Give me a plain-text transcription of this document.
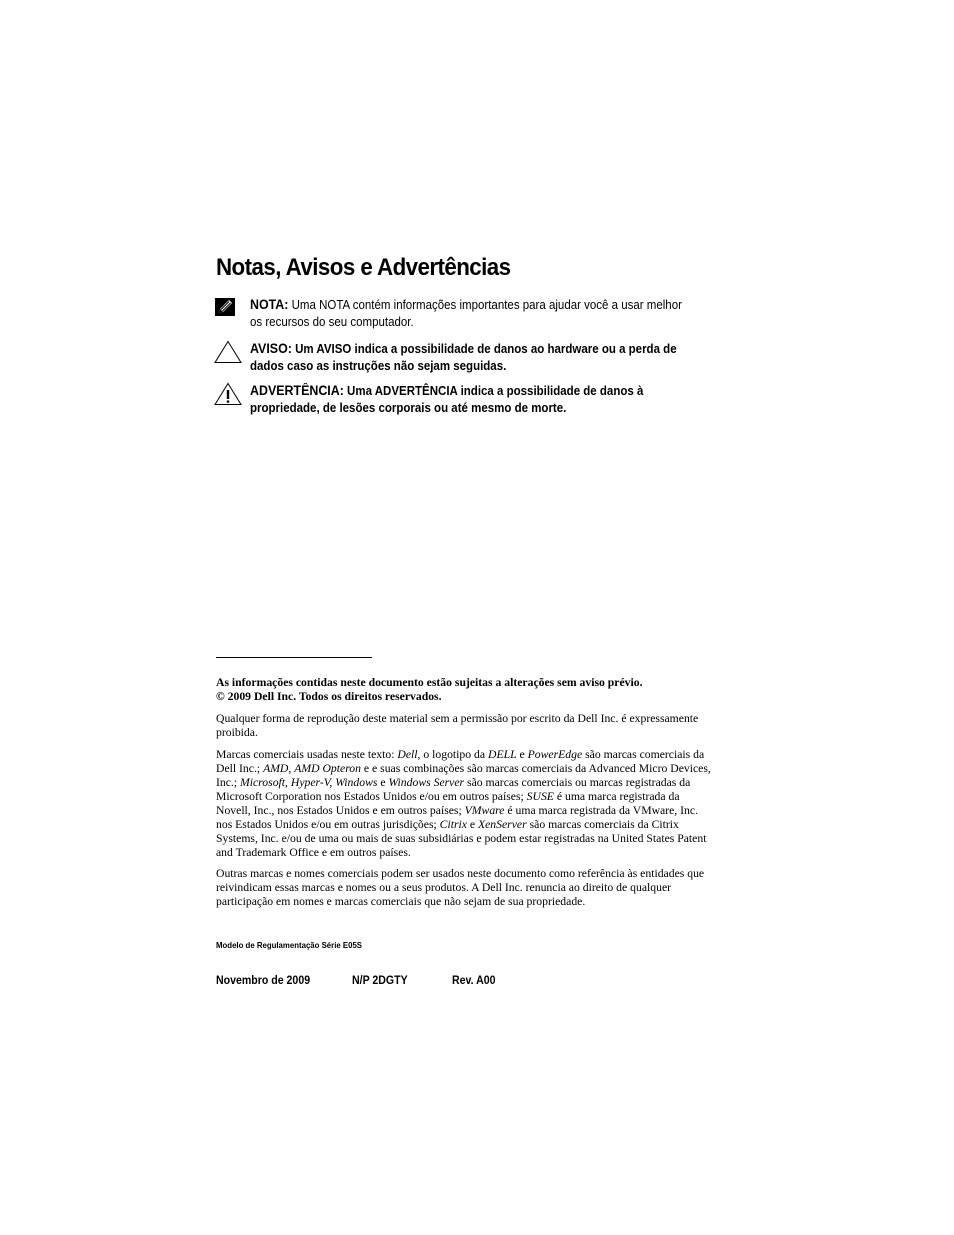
Notas, Avisos e Advertências
NOTA: Uma NOTA contém informações importantes para ajudar você a usar melhor os recursos do seu computador.
AVISO: Um AVISO indica a possibilidade de danos ao hardware ou a perda de dados caso as instruções não sejam seguidas.
ADVERTÊNCIA: Uma ADVERTÊNCIA indica a possibilidade de danos à propriedade, de lesões corporais ou até mesmo de morte.

As informações contidas neste documento estão sujeitas a alterações sem aviso prévio.

© 2009 Dell Inc. Todos os direitos reservados.

Qualquer forma de reprodução deste material sem a permissão por escrito da Dell Inc. é expressamente proibida.

Marcas comerciais usadas neste texto: Dell, o logotipo da DELL e PowerEdge são marcas comerciais da Dell Inc.; AMD, AMD Opteron e e suas combinações são marcas comerciais da Advanced Micro Devices, Inc.; Microsoft, Hyper-V, Windows e Windows Server são marcas comerciais ou marcas registradas da Microsoft Corporation nos Estados Unidos e/ou em outros países; SUSE é uma marca registrada da Novell, Inc., nos Estados Unidos e em outros países; VMware é uma marca registrada da VMware, Inc. nos Estados Unidos e/ou em outras jurisdições; Citrix e XenServer são marcas comerciais da Citrix Systems, Inc. e/ou de uma ou mais de suas subsidiárias e podem estar registradas na United States Patent and Trademark Office e em outros países.

Outras marcas e nomes comerciais podem ser usados neste documento como referência às entidades que reivindicam essas marcas e nomes ou a seus produtos. A Dell Inc. renuncia ao direito de qualquer participação em nomes e marcas comerciais que não sejam de sua propriedade.

Modelo de Regulamentação Série E05S
Novembro de 2009	N/P 2DGTY	Rev. A00
